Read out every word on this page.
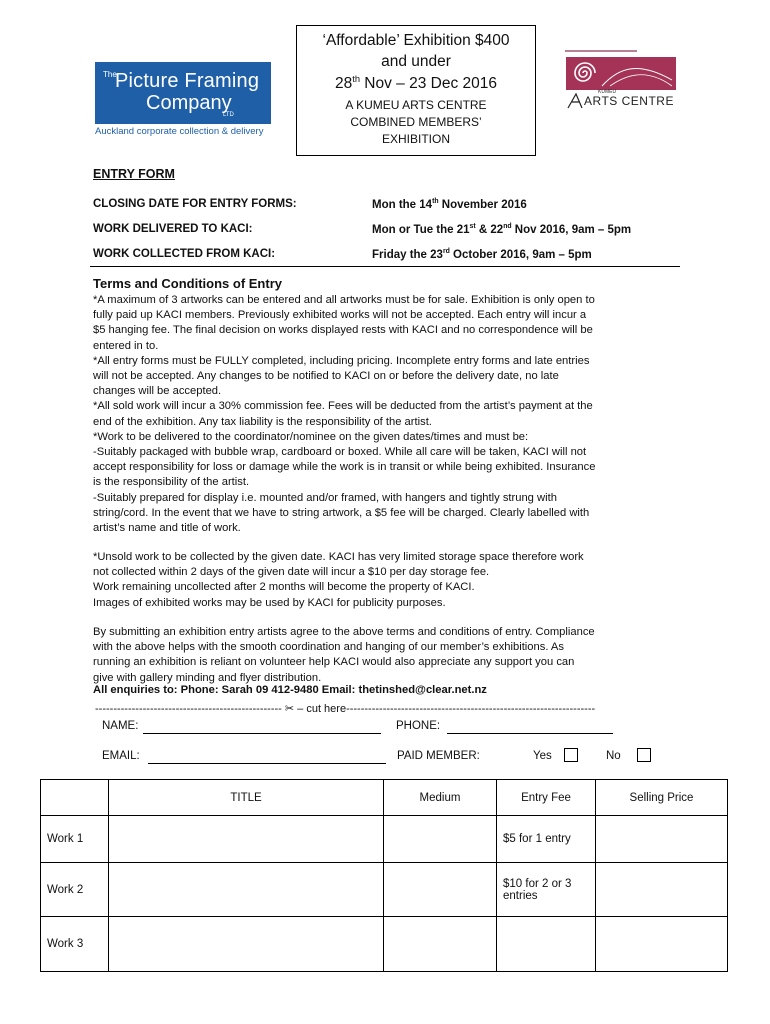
The
Picture Framing
Company
LTD
Auckland corporate collection & delivery
‘Affordable’ Exhibition $400
and under
28th Nov – 23 Dec 2016
A KUMEU ARTS CENTRE
COMBINED MEMBERS’
EXHIBITION
KUMEU
ARTS CENTRE
ENTRY FORM
CLOSING DATE FOR ENTRY FORMS:	Mon the 14th November 2016
WORK DELIVERED TO KACI:	Mon or Tue the 21st & 22nd Nov 2016, 9am – 5pm
WORK COLLECTED FROM KACI:	Friday the 23rd October 2016, 9am – 5pm
Terms and Conditions of Entry
*A maximum of 3 artworks can be entered and all artworks must be for sale. Exhibition is only open to
fully paid up KACI members. Previously exhibited works will not be accepted. Each entry will incur a
$5 hanging fee. The final decision on works displayed rests with KACI and no correspondence will be
entered in to.
*All entry forms must be FULLY completed, including pricing. Incomplete entry forms and late entries
will not be accepted. Any changes to be notified to KACI on or before the delivery date, no late
changes will be accepted.
*All sold work will incur a 30% commission fee. Fees will be deducted from the artist’s payment at the
end of the exhibition. Any tax liability is the responsibility of the artist.
*Work to be delivered to the coordinator/nominee on the given dates/times and must be:
-Suitably packaged with bubble wrap, cardboard or boxed. While all care will be taken, KACI will not
accept responsibility for loss or damage while the work is in transit or while being exhibited. Insurance
is the responsibility of the artist.
-Suitably prepared for display i.e. mounted and/or framed, with hangers and tightly strung with
string/cord. In the event that we have to string artwork, a $5 fee will be charged. Clearly labelled with
artist’s name and title of work.
*Unsold work to be collected by the given date. KACI has very limited storage space therefore work
not collected within 2 days of the given date will incur a $10 per day storage fee.
Work remaining uncollected after 2 months will become the property of KACI.
Images of exhibited works may be used by KACI for publicity purposes.
By submitting an exhibition entry artists agree to the above terms and conditions of entry. Compliance
with the above helps with the smooth coordination and hanging of our member’s exhibitions. As
running an exhibition is reliant on volunteer help KACI would also appreciate any support you can
give with gallery minding and flyer distribution.
All enquiries to: Phone: Sarah 09 412-9480 Email: thetinshed@clear.net.nz
--------------------------------------------------- ✂ – cut here--------------------------------------------------------------------
NAME:	PHONE:
EMAIL:	PAID MEMBER:	Yes	No
	TITLE	Medium	Entry Fee	Selling Price
Work 1			$5 for 1 entry	
Work 2			$10 for 2 or 3 entries	
Work 3				
